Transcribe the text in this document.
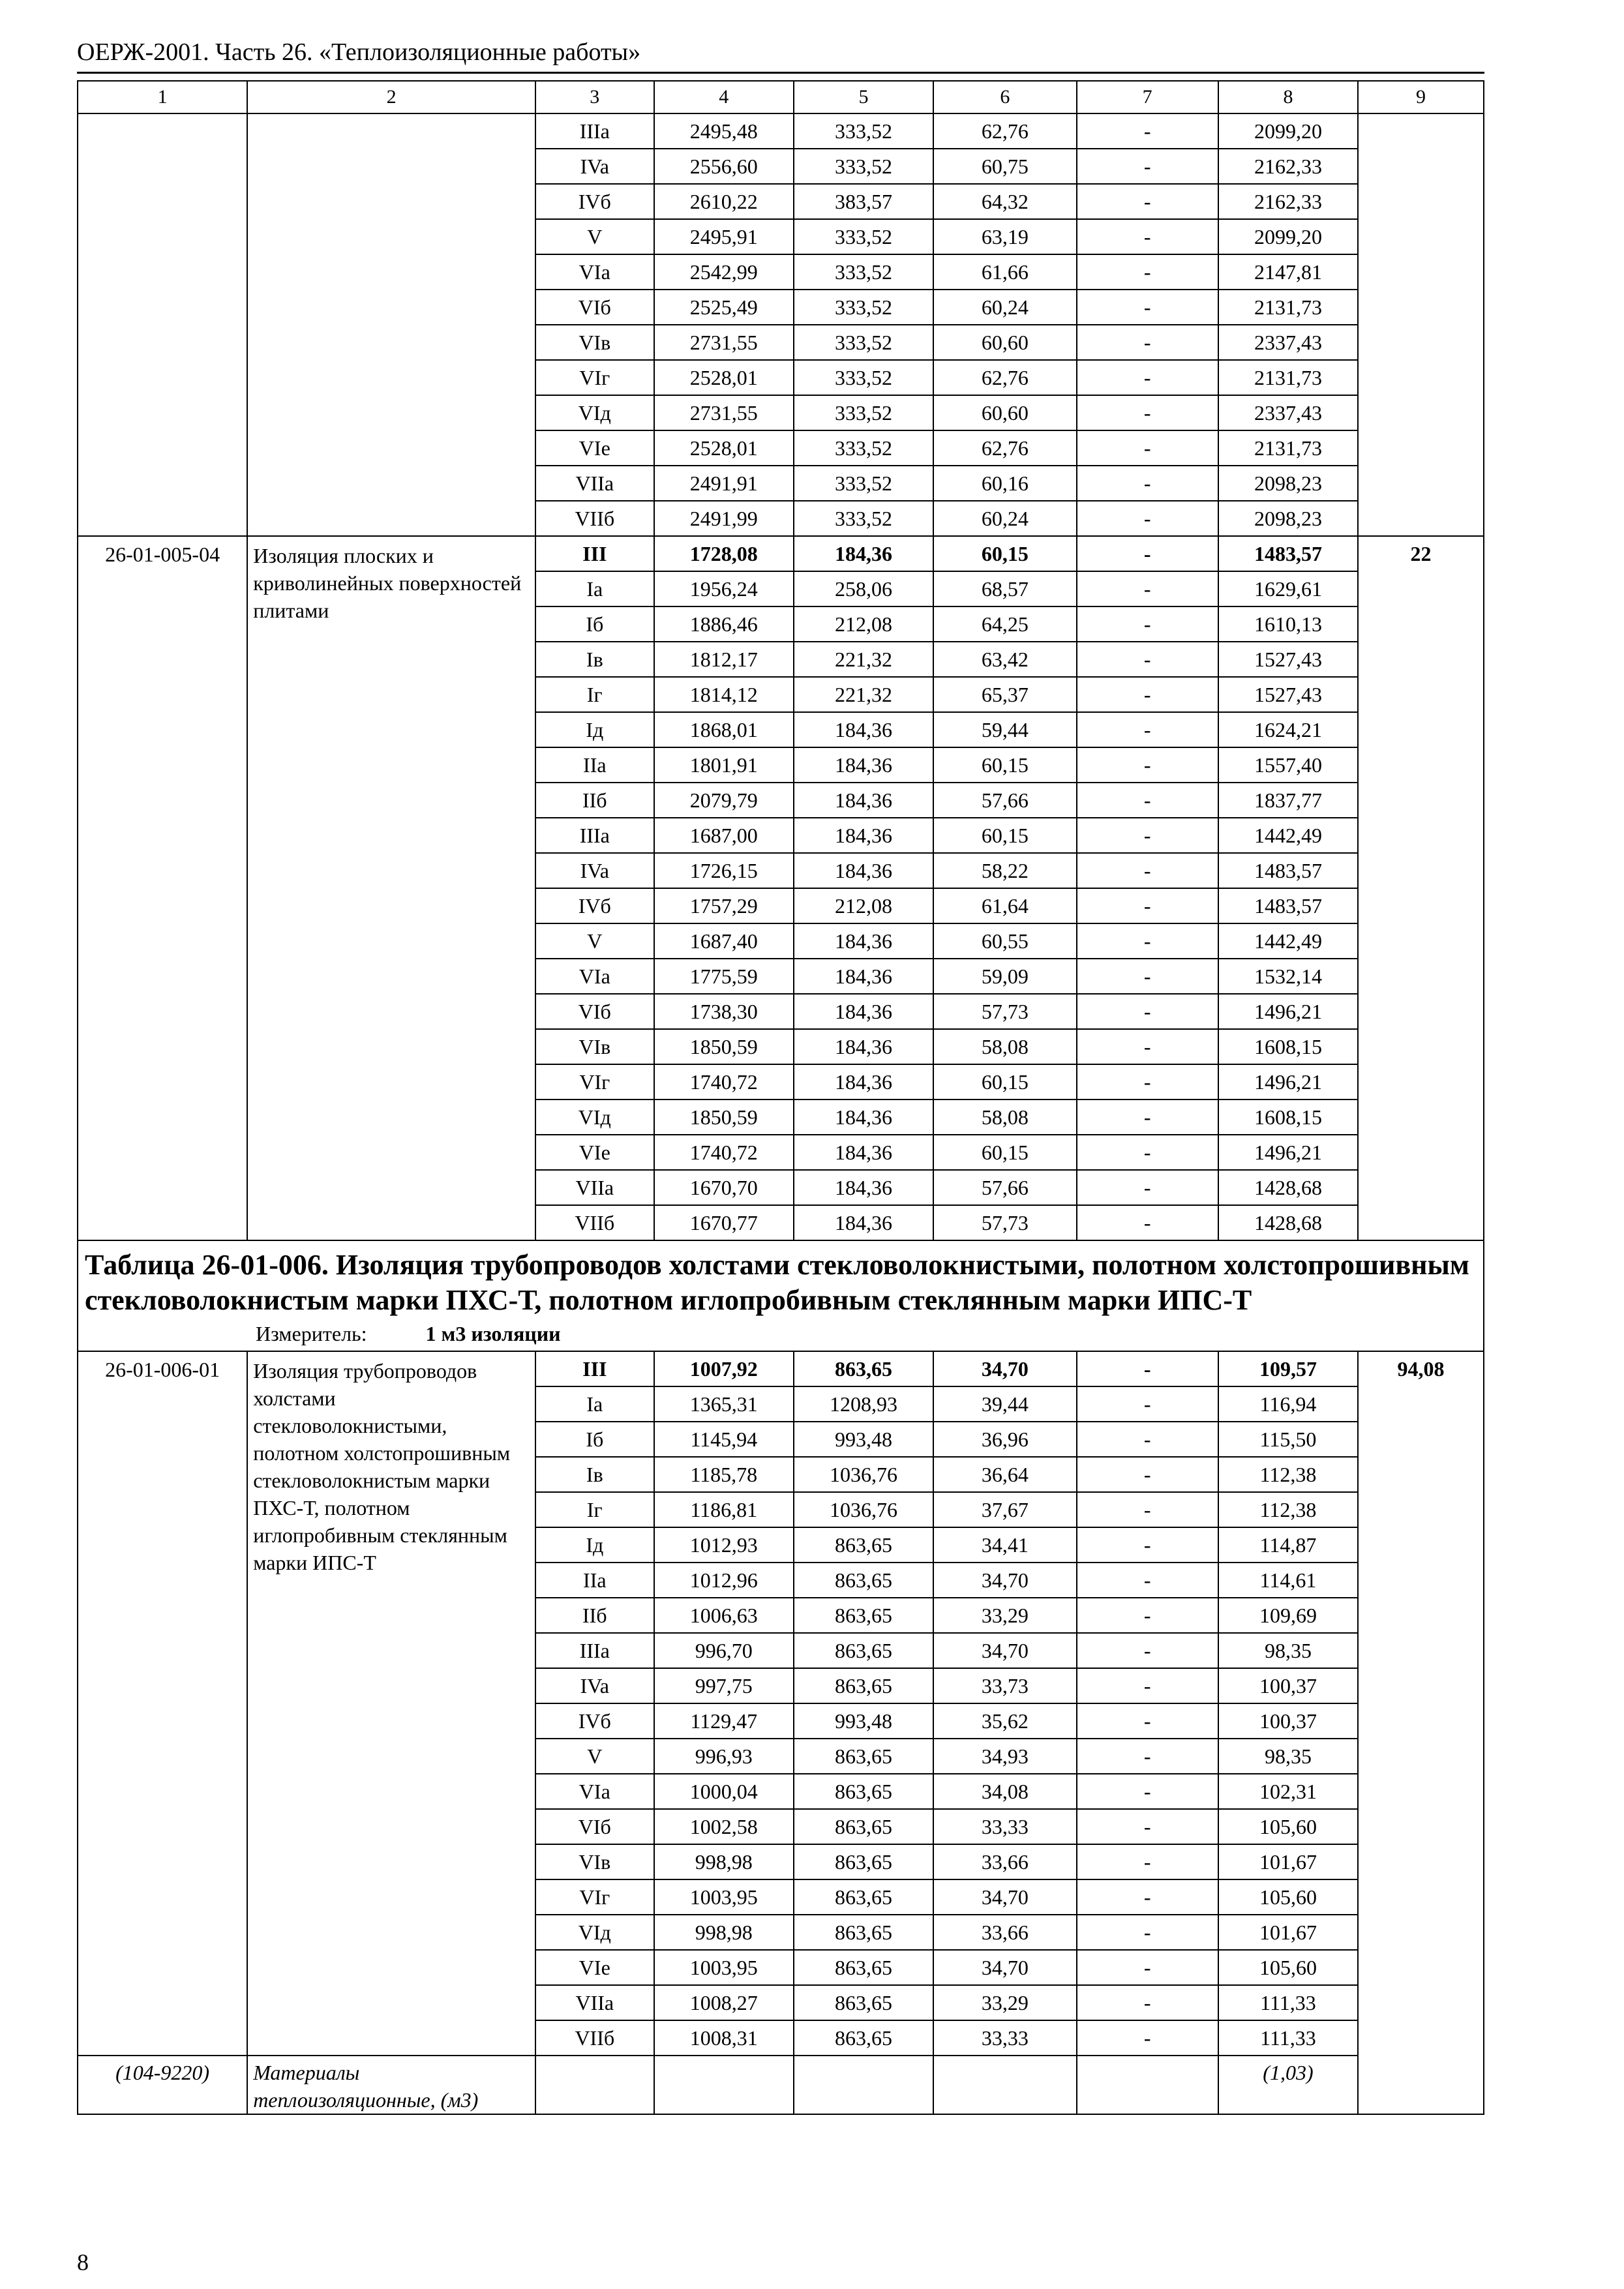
ОЕРЖ-2001. Часть 26. «Теплоизоляционные работы»
1	2	3	4	5	6	7	8	9
		IIIa	2495,48	333,52	62,76	-	2099,20	
		IVa	2556,60	333,52	60,75	-	2162,33	
		IVб	2610,22	383,57	64,32	-	2162,33	
		V	2495,91	333,52	63,19	-	2099,20	
		VIa	2542,99	333,52	61,66	-	2147,81	
		VIб	2525,49	333,52	60,24	-	2131,73	
		VIв	2731,55	333,52	60,60	-	2337,43	
		VIг	2528,01	333,52	62,76	-	2131,73	
		VIд	2731,55	333,52	60,60	-	2337,43	
		VIe	2528,01	333,52	62,76	-	2131,73	
		VIIa	2491,91	333,52	60,16	-	2098,23	
		VIIб	2491,99	333,52	60,24	-	2098,23	
26-01-005-04	Изоляция плоских и криволинейных поверхностей плитами	III	1728,08	184,36	60,15	-	1483,57	22
		Ia	1956,24	258,06	68,57	-	1629,61	
		Iб	1886,46	212,08	64,25	-	1610,13	
		Iв	1812,17	221,32	63,42	-	1527,43	
		Iг	1814,12	221,32	65,37	-	1527,43	
		Iд	1868,01	184,36	59,44	-	1624,21	
		IIa	1801,91	184,36	60,15	-	1557,40	
		IIб	2079,79	184,36	57,66	-	1837,77	
		IIIa	1687,00	184,36	60,15	-	1442,49	
		IVa	1726,15	184,36	58,22	-	1483,57	
		IVб	1757,29	212,08	61,64	-	1483,57	
		V	1687,40	184,36	60,55	-	1442,49	
		VIa	1775,59	184,36	59,09	-	1532,14	
		VIб	1738,30	184,36	57,73	-	1496,21	
		VIв	1850,59	184,36	58,08	-	1608,15	
		VIг	1740,72	184,36	60,15	-	1496,21	
		VIд	1850,59	184,36	58,08	-	1608,15	
		VIe	1740,72	184,36	60,15	-	1496,21	
		VIIa	1670,70	184,36	57,66	-	1428,68	
		VIIб	1670,77	184,36	57,73	-	1428,68	

Таблица 26-01-006. Изоляция трубопроводов холстами стекловолокнистыми, полотном холстопрошивным стекловолокнистым марки ПХС-Т, полотном иглопробивным стеклянным марки ИПС-Т
Измеритель: 1 м3 изоляции								

26-01-006-01	Изоляция трубопроводов холстами стекловолокнистыми, полотном холстопрошивным стекловолокнистым марки ПХС-Т, полотном иглопробивным стеклянным марки ИПС-Т	III	1007,92	863,65	34,70	-	109,57	94,08
		Ia	1365,31	1208,93	39,44	-	116,94	
		Iб	1145,94	993,48	36,96	-	115,50	
		Iв	1185,78	1036,76	36,64	-	112,38	
		Iг	1186,81	1036,76	37,67	-	112,38	
		Iд	1012,93	863,65	34,41	-	114,87	
		IIa	1012,96	863,65	34,70	-	114,61	
		IIб	1006,63	863,65	33,29	-	109,69	
		IIIa	996,70	863,65	34,70	-	98,35	
		IVa	997,75	863,65	33,73	-	100,37	
		IVб	1129,47	993,48	35,62	-	100,37	
		V	996,93	863,65	34,93	-	98,35	
		VIa	1000,04	863,65	34,08	-	102,31	
		VIб	1002,58	863,65	33,33	-	105,60	
		VIв	998,98	863,65	33,66	-	101,67	
		VIг	1003,95	863,65	34,70	-	105,60	
		VIд	998,98	863,65	33,66	-	101,67	
		VIe	1003,95	863,65	34,70	-	105,60	
		VIIa	1008,27	863,65	33,29	-	111,33	
		VIIб	1008,31	863,65	33,33	-	111,33	
(104-9220)	Материалы теплоизоляционные, (м3)						(1,03)	
8
